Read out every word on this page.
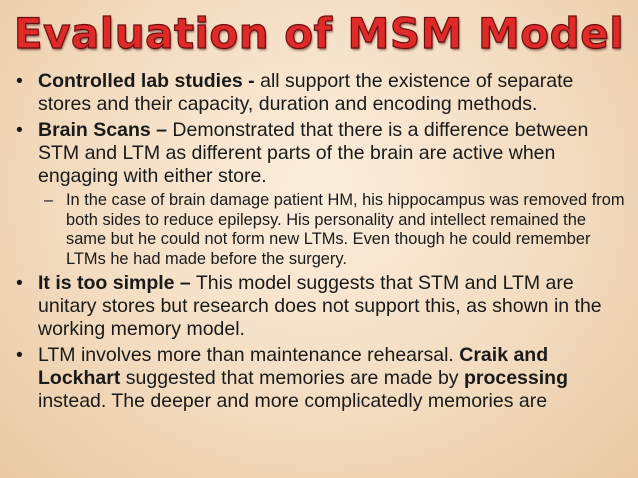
Evaluation of MSM Model
• Controlled lab studies - all support the existence of separate stores and their capacity, duration and encoding methods.
• Brain Scans – Demonstrated that there is a difference between STM and LTM as different parts of the brain are active when engaging with either store.
– In the case of brain damage patient HM, his hippocampus was removed from both sides to reduce epilepsy. His personality and intellect remained the same but he could not form new LTMs. Even though he could remember LTMs he had made before the surgery.
• It is too simple – This model suggests that STM and LTM are unitary stores but research does not support this, as shown in the working memory model.
• LTM involves more than maintenance rehearsal. Craik and Lockhart suggested that memories are made by processing instead. The deeper and more complicatedly memories are
